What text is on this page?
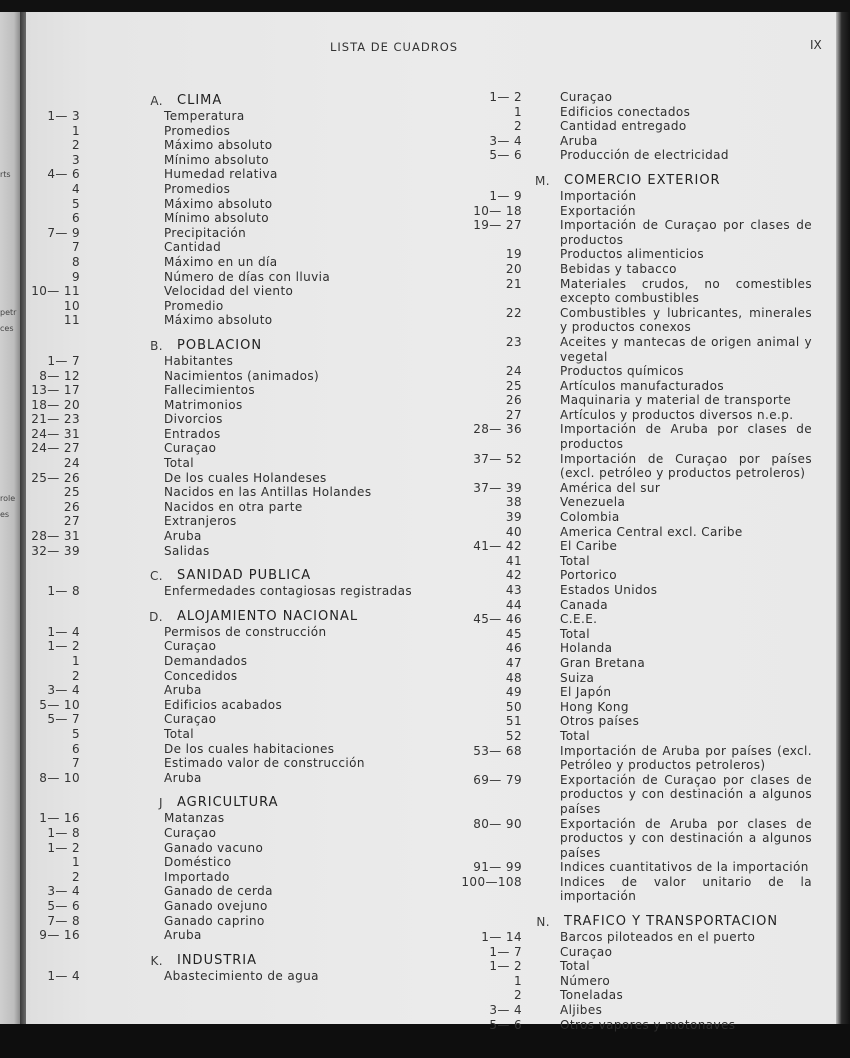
rts
petr
ces
role
es
LISTA DE CUADROS	IX
A.	CLIMA
1— 3	Temperatura
1	Promedios
2	Máximo absoluto
3	Mínimo absoluto
4— 6	Humedad relativa
4	Promedios
5	Máximo absoluto
6	Mínimo absoluto
7— 9	Precipitación
7	Cantidad
8	Máximo en un día
9	Número de días con lluvia
10— 11	Velocidad del viento
10	Promedio
11	Máximo absoluto
B.	POBLACION
1— 7	Habitantes
8— 12	Nacimientos (animados)
13— 17	Fallecimientos
18— 20	Matrimonios
21— 23	Divorcios
24— 31	Entrados
24— 27	Curaçao
24	Total
25— 26	De los cuales Holandeses
25	Nacidos en las Antillas Holandes
26	Nacidos en otra parte
27	Extranjeros
28— 31	Aruba
32— 39	Salidas
C.	SANIDAD PUBLICA
1— 8	Enfermedades contagiosas registradas
D.	ALOJAMIENTO NACIONAL
1— 4	Permisos de construcción
1— 2	Curaçao
1	Demandados
2	Concedidos
3— 4	Aruba
5— 10	Edificios acabados
5— 7	Curaçao
5	Total
6	De los cuales habitaciones
7	Estimado valor de construcción
8— 10	Aruba
J	AGRICULTURA
1— 16	Matanzas
1— 8	Curaçao
1— 2	Ganado vacuno
1	Doméstico
2	Importado
3— 4	Ganado de cerda
5— 6	Ganado ovejuno
7— 8	Ganado caprino
9— 16	Aruba
K.	INDUSTRIA
1— 4	Abastecimiento de agua
1— 2	Curaçao
1	Edificios conectados
2	Cantidad entregado
3— 4	Aruba
5— 6	Producción de electricidad
M.	COMERCIO EXTERIOR
1— 9	Importación
10— 18	Exportación
19— 27	Importación de Curaçao por clases de productos
19	Productos alimenticios
20	Bebidas y tabacco
21	Materiales crudos, no comestibles excepto combustibles
22	Combustibles y lubricantes, minerales y productos conexos
23	Aceites y mantecas de origen animal y vegetal
24	Productos químicos
25	Artículos manufacturados
26	Maquinaria y material de transporte
27	Artículos y productos diversos n.e.p.
28— 36	Importación de Aruba por clases de productos
37— 52	Importación de Curaçao por países (excl. petróleo y productos petroleros)
37— 39	América del sur
38	Venezuela
39	Colombia
40	America Central excl. Caribe
41— 42	El Caribe
41	Total
42	Portorico
43	Estados Unidos
44	Canada
45— 46	C.E.E.
45	Total
46	Holanda
47	Gran Bretana
48	Suiza
49	El Japón
50	Hong Kong
51	Otros países
52	Total
53— 68	Importación de Aruba por países (excl. Petróleo y productos petroleros)
69— 79	Exportación de Curaçao por clases de productos y con destinación a algunos países
80— 90	Exportación de Aruba por clases de productos y con destinación a algunos países
91— 99	Indices cuantitativos de la importación
100—108	Indices de valor unitario de la importación
N.	TRAFICO Y TRANSPORTACION
1— 14	Barcos piloteados en el puerto
1— 7	Curaçao
1— 2	Total
1	Número
2	Toneladas
3— 4	Aljibes
5— 6	Otros vapores y motonaves
